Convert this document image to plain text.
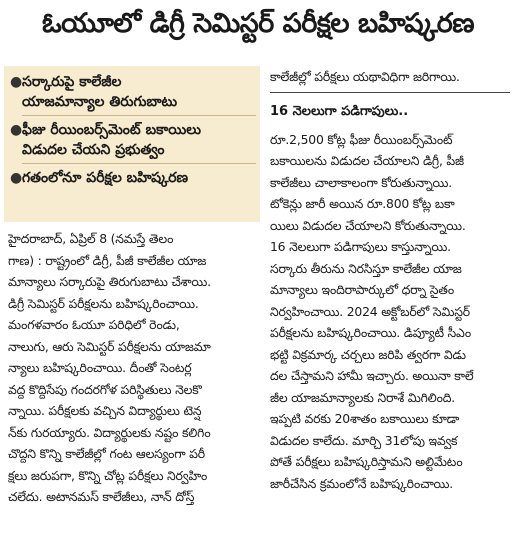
ఓయూలో డిగ్రీ సెమిస్టర్ పరీక్షల బహిష్కరణ
● సర్కారుపై కాలేజీల
యాజమాన్యాల తిరుగుబాటు
● ఫీజు రీయింబర్స్‌మెంట్ బకాయిలు
విడుదల చేయని ప్రభుత్వం
● గతంలోనూ పరీక్షల బహిష్కరణ
హైదరాబాద్, ఏప్రిల్ 8 (నమస్తే తెలం
గాణ) : రాష్ట్రంలో డిగ్రీ, పీజీ కాలేజీల యాజ
మాన్యాలు సర్కారుపై తిరుగుబాటు చేశాయి.
డిగ్రీ సెమిస్టర్ పరీక్షలను బహిష్కరించాయి.
మంగళవారం ఓయూ పరిధిలో రెండు,
నాలుగు, ఆరు సెమిస్టర్ పరీక్షలను యాజమా
న్యాలు బహిష్కరించాయి. దీంతో సెంటర్ల
వద్ద కొద్దిసేపు గందరగోళ పరిస్థితులు నెలకొ
న్నాయి. పరీక్షలకు వచ్చిన విద్యార్థులు టెన్ష
న్‌కు గురయ్యారు. విద్యార్థులకు నష్టం కలిగిం
చొద్దని కొన్ని కాలేజీల్లో గంట ఆలస్యంగా పరీ
క్షలు జరుపగా, కొన్ని చోట్ల పరీక్షలు నిర్వహిం
చలేదు. అటానమస్ కాలేజీలు, నాన్ దోస్త్
కాలేజీల్లో పరీక్షలు యథావిధిగా జరిగాయి.
16 నెలలుగా పడిగాపులు..
రూ.2,500 కోట్ల ఫీజు రీయింబర్స్‌మెంట్
బకాయిలను విడుదల చేయాలని డిగ్రీ, పీజీ
కాలేజీలు చాలాకాలంగా కోరుతున్నాయి.
టోకెన్లు జారీ అయిన రూ.800 కోట్ల బకా
యిలు విడుదల చేయాలని కోరుతున్నాయి.
16 నెలలుగా పడిగాపులు కాస్తున్నాయి.
సర్కారు తీరును నిరసిస్తూ కాలేజీల యాజ
మాన్యాలు ఇందిరాపార్కులో ధర్నా సైతం
నిర్వహించాయి. 2024 అక్టోబర్‌లో సెమిస్టర్
పరీక్షలను బహిష్కరించాయి. డిప్యూటీ సీఎం
భట్టి విక్రమార్క చర్చలు జరిపి త్వరగా విడు
దల చేస్తామని హామీ ఇచ్చారు. అయినా కాలే
జీల యాజమాన్యాలకు నిరాశే మిగిలింది.
ఇప్పటి వరకు 20శాతం బకాయిలు కూడా
విడుదల కాలేదు. మార్చి 31లోపు ఇవ్వక
పోతే పరీక్షలు బహిష్కరిస్తామని అల్టిమేటం
జారీచేసిన క్రమంలోనే బహిష్కరించాయి.
